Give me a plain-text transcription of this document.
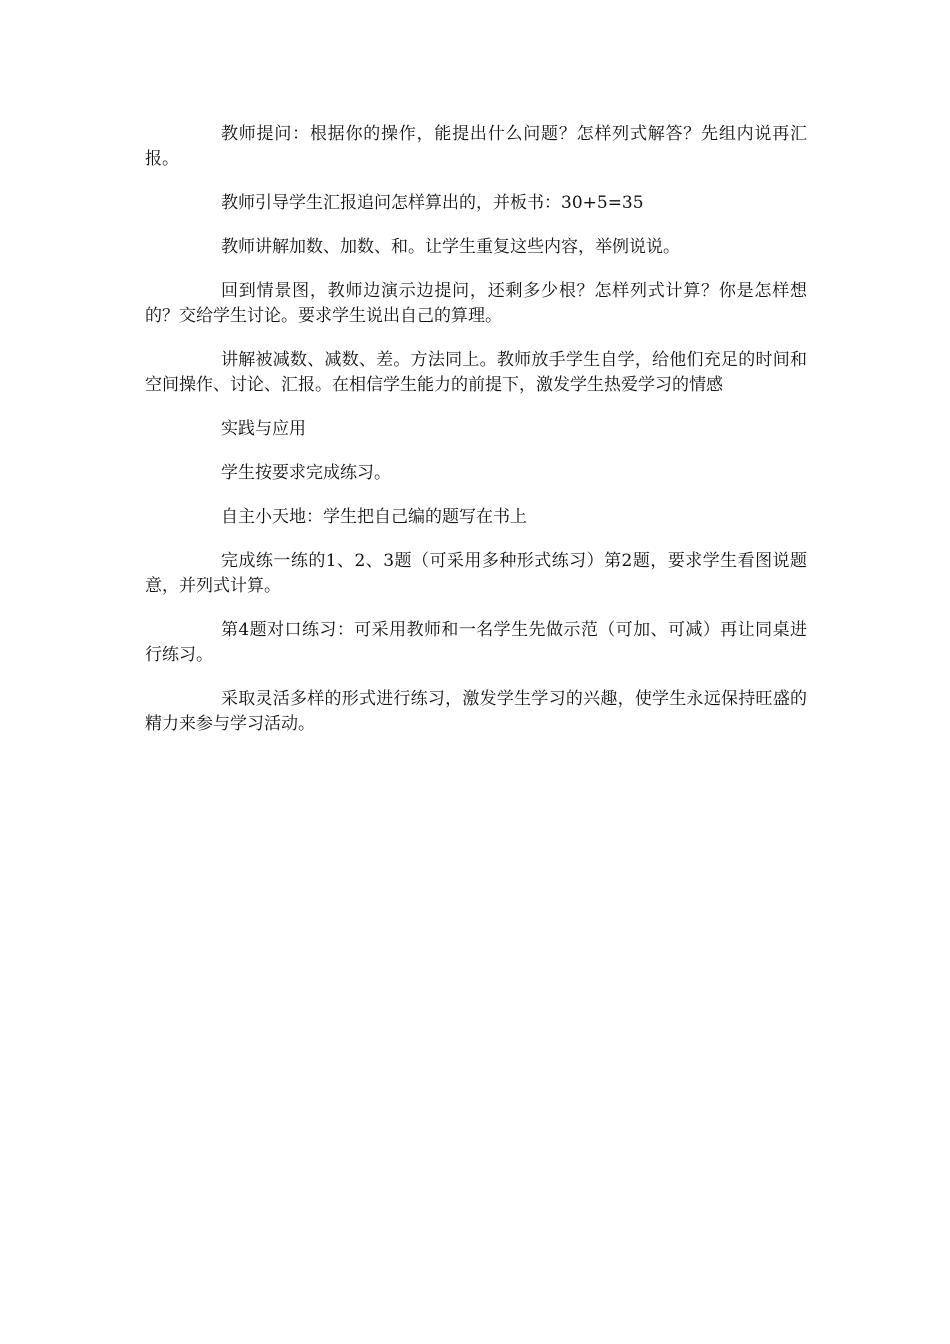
教师提问：根据你的操作，能提出什么问题？怎样列式解答？先组内说再汇报。

教师引导学生汇报追问怎样算出的，并板书：30+5=35

教师讲解加数、加数、和。让学生重复这些内容，举例说说。

回到情景图，教师边演示边提问，还剩多少根？怎样列式计算？你是怎样想的？交给学生讨论。要求学生说出自己的算理。

讲解被减数、减数、差。方法同上。教师放手学生自学，给他们充足的时间和空间操作、讨论、汇报。在相信学生能力的前提下，激发学生热爱学习的情感

实践与应用

学生按要求完成练习。

自主小天地：学生把自己编的题写在书上

完成练一练的1、2、3题（可采用多种形式练习）第2题，要求学生看图说题意，并列式计算。

第4题对口练习：可采用教师和一名学生先做示范（可加、可减）再让同桌进行练习。

采取灵活多样的形式进行练习，激发学生学习的兴趣，使学生永远保持旺盛的精力来参与学习活动。
